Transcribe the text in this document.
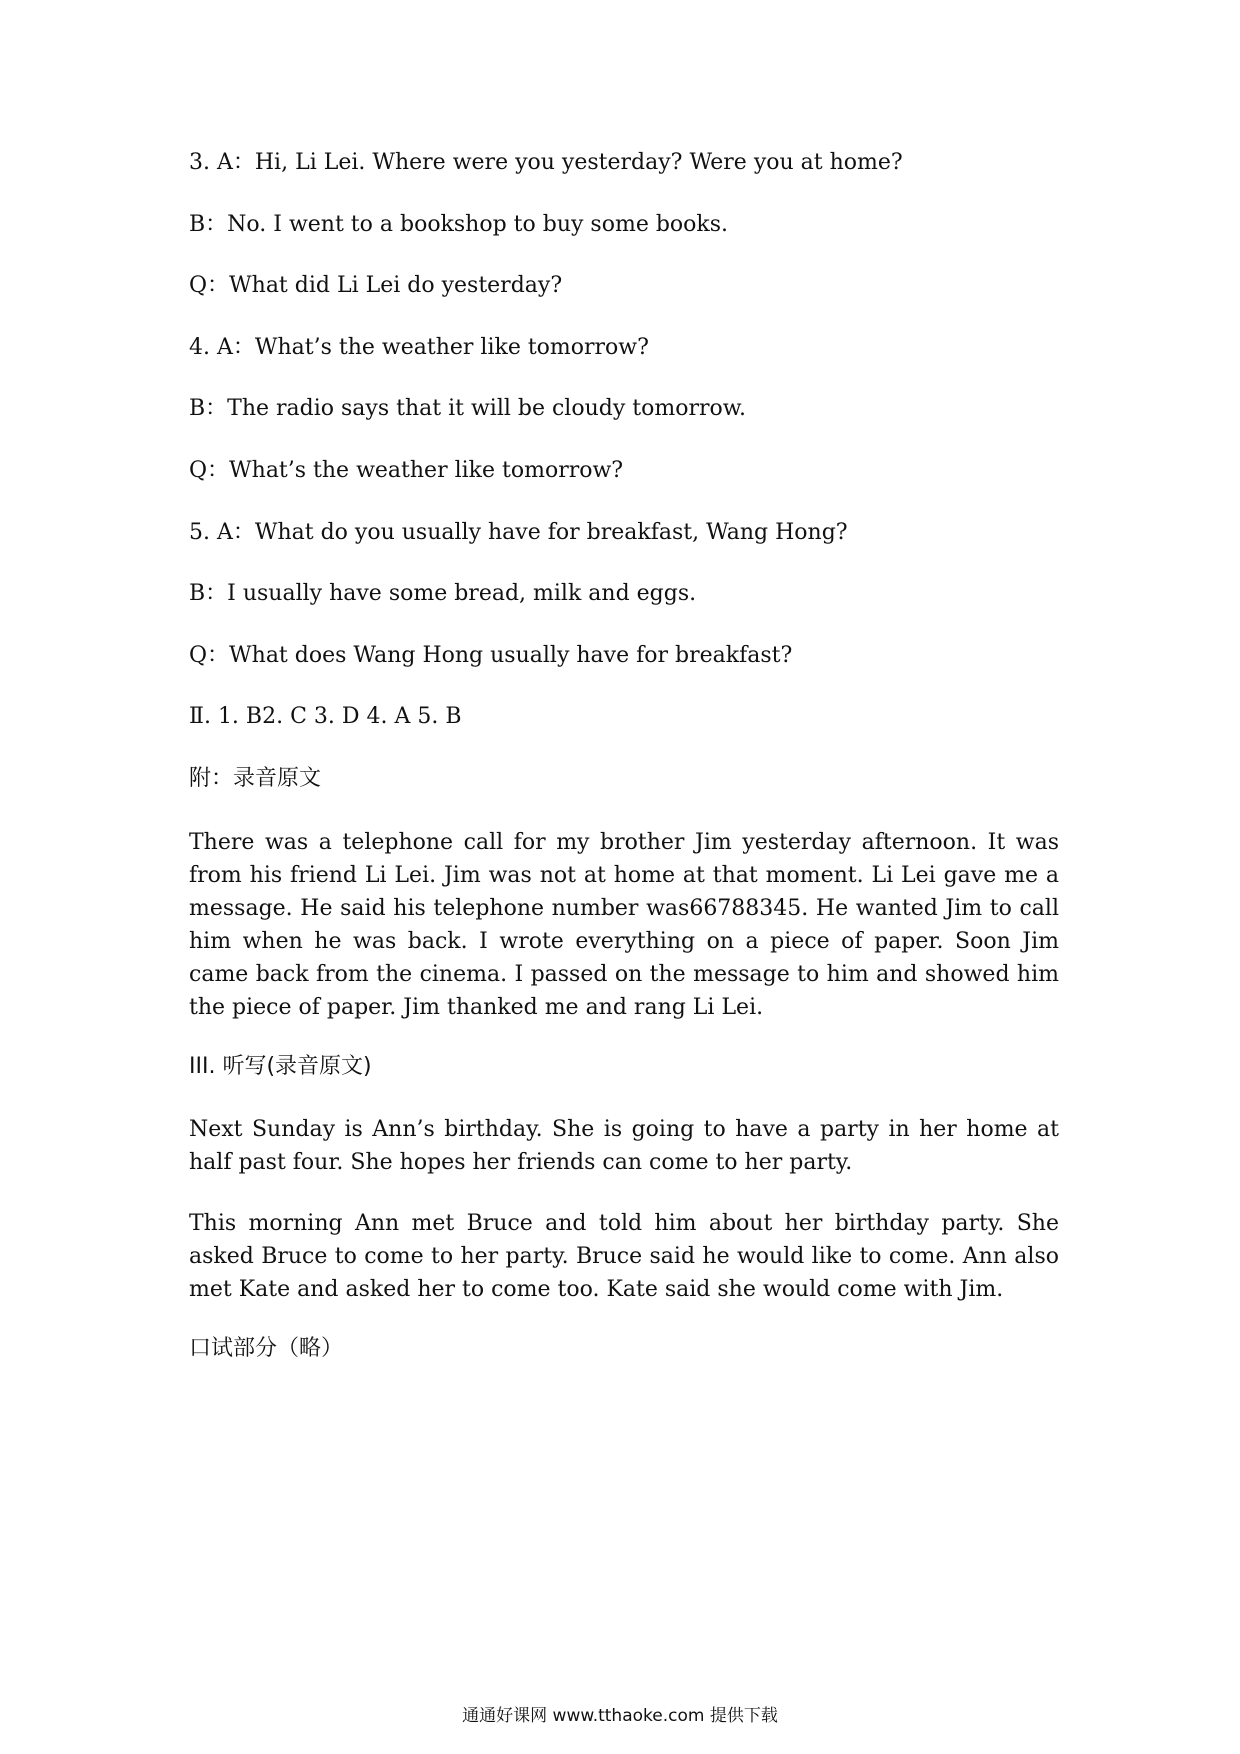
3. A：Hi, Li Lei. Where were you yesterday? Were you at home?
B：No. I went to a bookshop to buy some books.
Q：What did Li Lei do yesterday?
4. A：What’s the weather like tomorrow?
B：The radio says that it will be cloudy tomorrow.
Q：What’s the weather like tomorrow?
5. A：What do you usually have for breakfast, Wang Hong?
B：I usually have some bread, milk and eggs.
Q：What does Wang Hong usually have for breakfast?
Ⅱ. 1. B2. C 3. D 4. A 5. B
附：录音原文

There was a telephone call for my brother Jim yesterday afternoon. It was from his friend Li Lei. Jim was not at home at that moment. Li Lei gave me a message. He said his telephone number was66788345. He wanted Jim to call him when he was back. I wrote everything on a piece of paper. Soon Jim came back from the cinema. I passed on the message to him and showed him the piece of paper. Jim thanked me and rang Li Lei.

III. 听写(录音原文)

Next Sunday is Ann’s birthday. She is going to have a party in her home at half past four. She hopes her friends can come to her party.

This morning Ann met Bruce and told him about her birthday party. She asked Bruce to come to her party. Bruce said he would like to come. Ann also met Kate and asked her to come too. Kate said she would come with Jim.

口试部分（略）
通通好课网 www.tthaoke.com 提供下载
